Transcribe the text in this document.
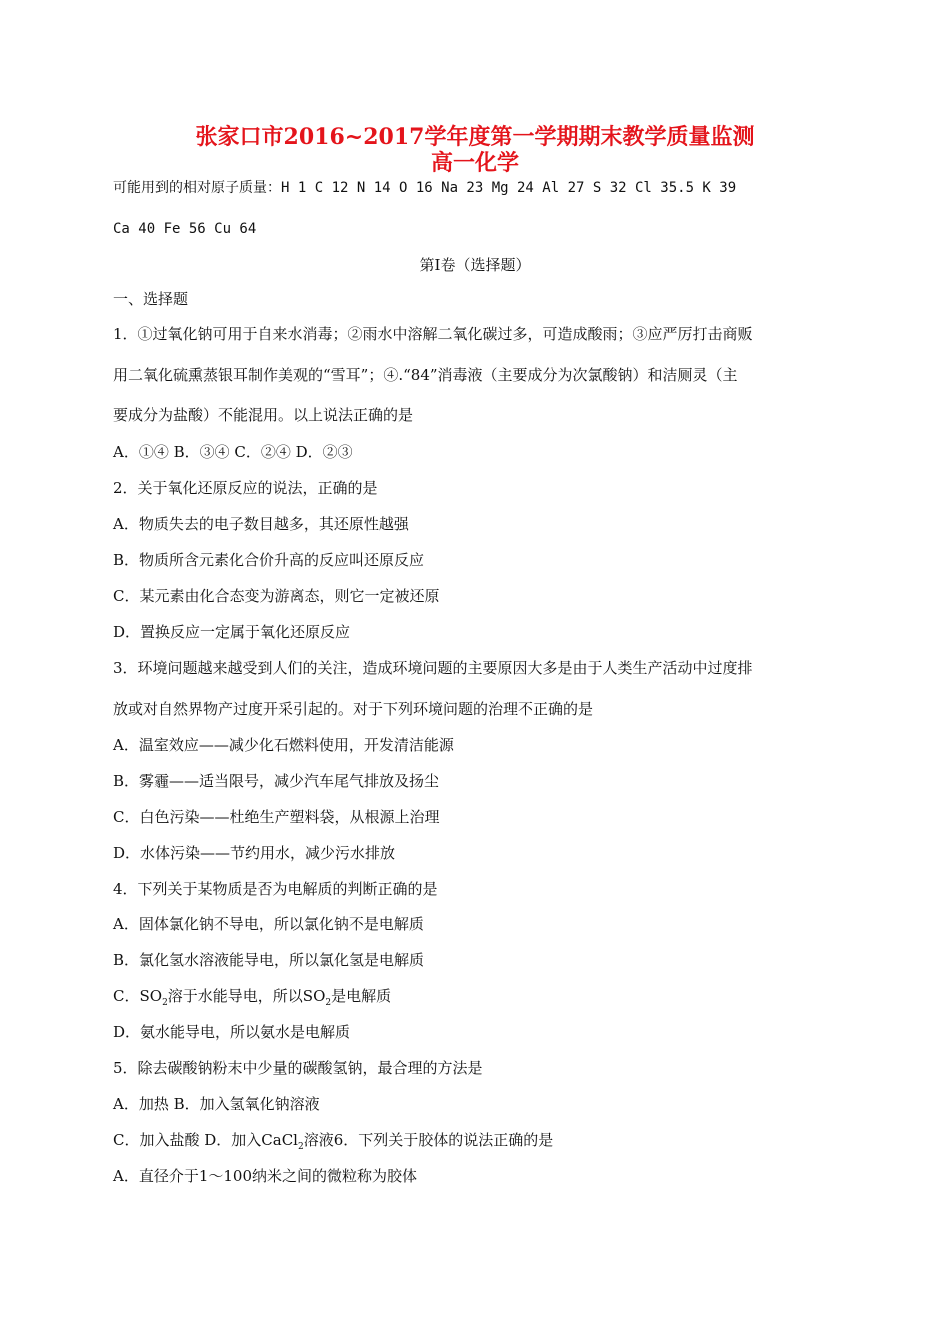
张家口市2016~2017学年度第一学期期末教学质量监测
高一化学
可能用到的相对原子质量：H 1 C 12 N 14 O 16 Na 23 Mg 24 Al 27 S 32 Cl 35.5 K 39
Ca 40 Fe 56 Cu 64
第Ⅰ卷（选择题）
一、选择题
1．①过氧化钠可用于自来水消毒；②雨水中溶解二氧化碳过多，可造成酸雨；③应严厉打击商贩
用二氧化硫熏蒸银耳制作美观的“雪耳”；④.“84”消毒液（主要成分为次氯酸钠）和洁厕灵（主
要成分为盐酸）不能混用。以上说法正确的是
A．①④ B．③④ C．②④ D．②③
2．关于氧化还原反应的说法，正确的是
A．物质失去的电子数目越多，其还原性越强
B．物质所含元素化合价升高的反应叫还原反应
C．某元素由化合态变为游离态，则它一定被还原
D．置换反应一定属于氧化还原反应
3．环境问题越来越受到人们的关注，造成环境问题的主要原因大多是由于人类生产活动中过度排
放或对自然界物产过度开采引起的。对于下列环境问题的治理不正确的是
A．温室效应——减少化石燃料使用，开发清洁能源
B．雾霾——适当限号，减少汽车尾气排放及扬尘
C．白色污染——杜绝生产塑料袋，从根源上治理
D．水体污染——节约用水，减少污水排放
4．下列关于某物质是否为电解质的判断正确的是
A．固体氯化钠不导电，所以氯化钠不是电解质
B．氯化氢水溶液能导电，所以氯化氢是电解质
C．$SO_2$溶于水能导电，所以$SO_2$是电解质
D．氨水能导电，所以氨水是电解质
5．除去碳酸钠粉末中少量的碳酸氢钠，最合理的方法是
A．加热 B．加入氢氧化钠溶液
C．加入盐酸 D．加入CaCl$_2$溶液6．下列关于胶体的说法正确的是
A．直径介于1～100纳米之间的微粒称为胶体
